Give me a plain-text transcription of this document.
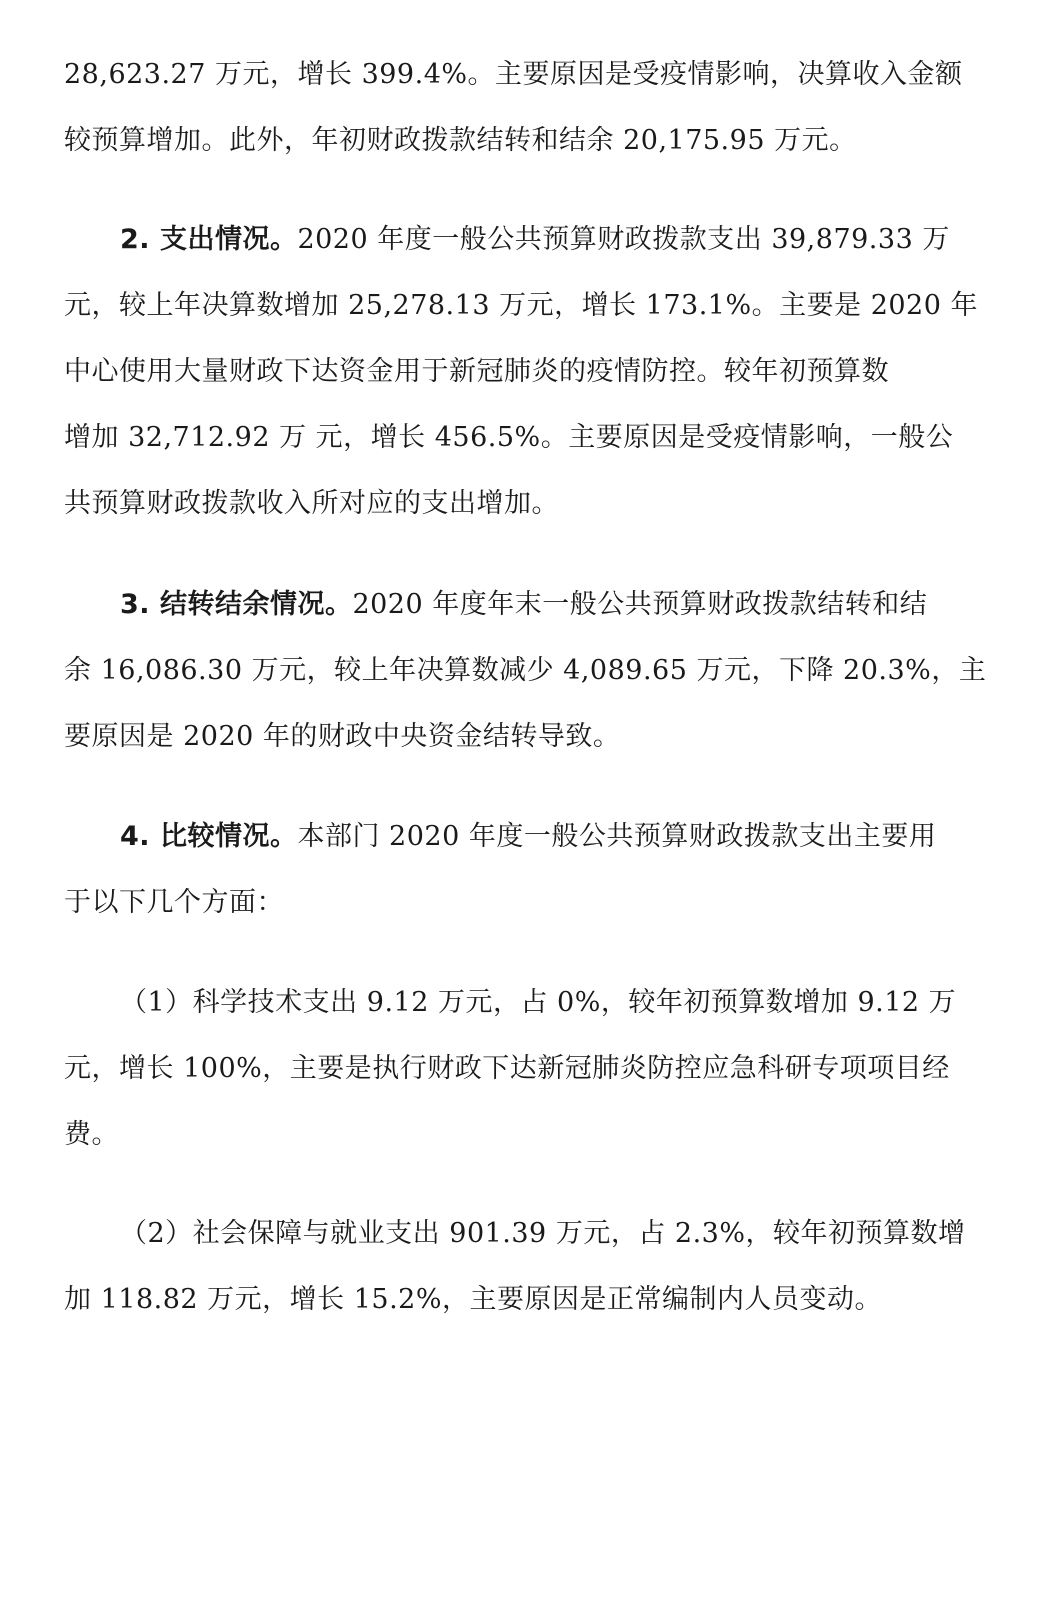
28,623.27 万元，增长 399.4%。主要原因是受疫情影响，决算收入金额
较预算增加。此外，年初财政拨款结转和结余 20,175.95 万元。
2. 支出情况。2020 年度一般公共预算财政拨款支出 39,879.33 万
元，较上年决算数增加 25,278.13 万元，增长 173.1%。主要是 2020 年
中心使用大量财政下达资金用于新冠肺炎的疫情防控。较年初预算数
增加 32,712.92 万 元，增长 456.5%。主要原因是受疫情影响，一般公
共预算财政拨款收入所对应的支出增加。
3. 结转结余情况。2020 年度年末一般公共预算财政拨款结转和结
余 16,086.30 万元，较上年决算数减少 4,089.65 万元，下降 20.3%，主
要原因是 2020 年的财政中央资金结转导致。
4. 比较情况。本部门 2020 年度一般公共预算财政拨款支出主要用
于以下几个方面：
（1）科学技术支出 9.12 万元，占 0%，较年初预算数增加 9.12 万
元，增长 100%，主要是执行财政下达新冠肺炎防控应急科研专项项目经
费。
（2）社会保障与就业支出 901.39 万元，占 2.3%，较年初预算数增
加 118.82 万元，增长 15.2%，主要原因是正常编制内人员变动。
